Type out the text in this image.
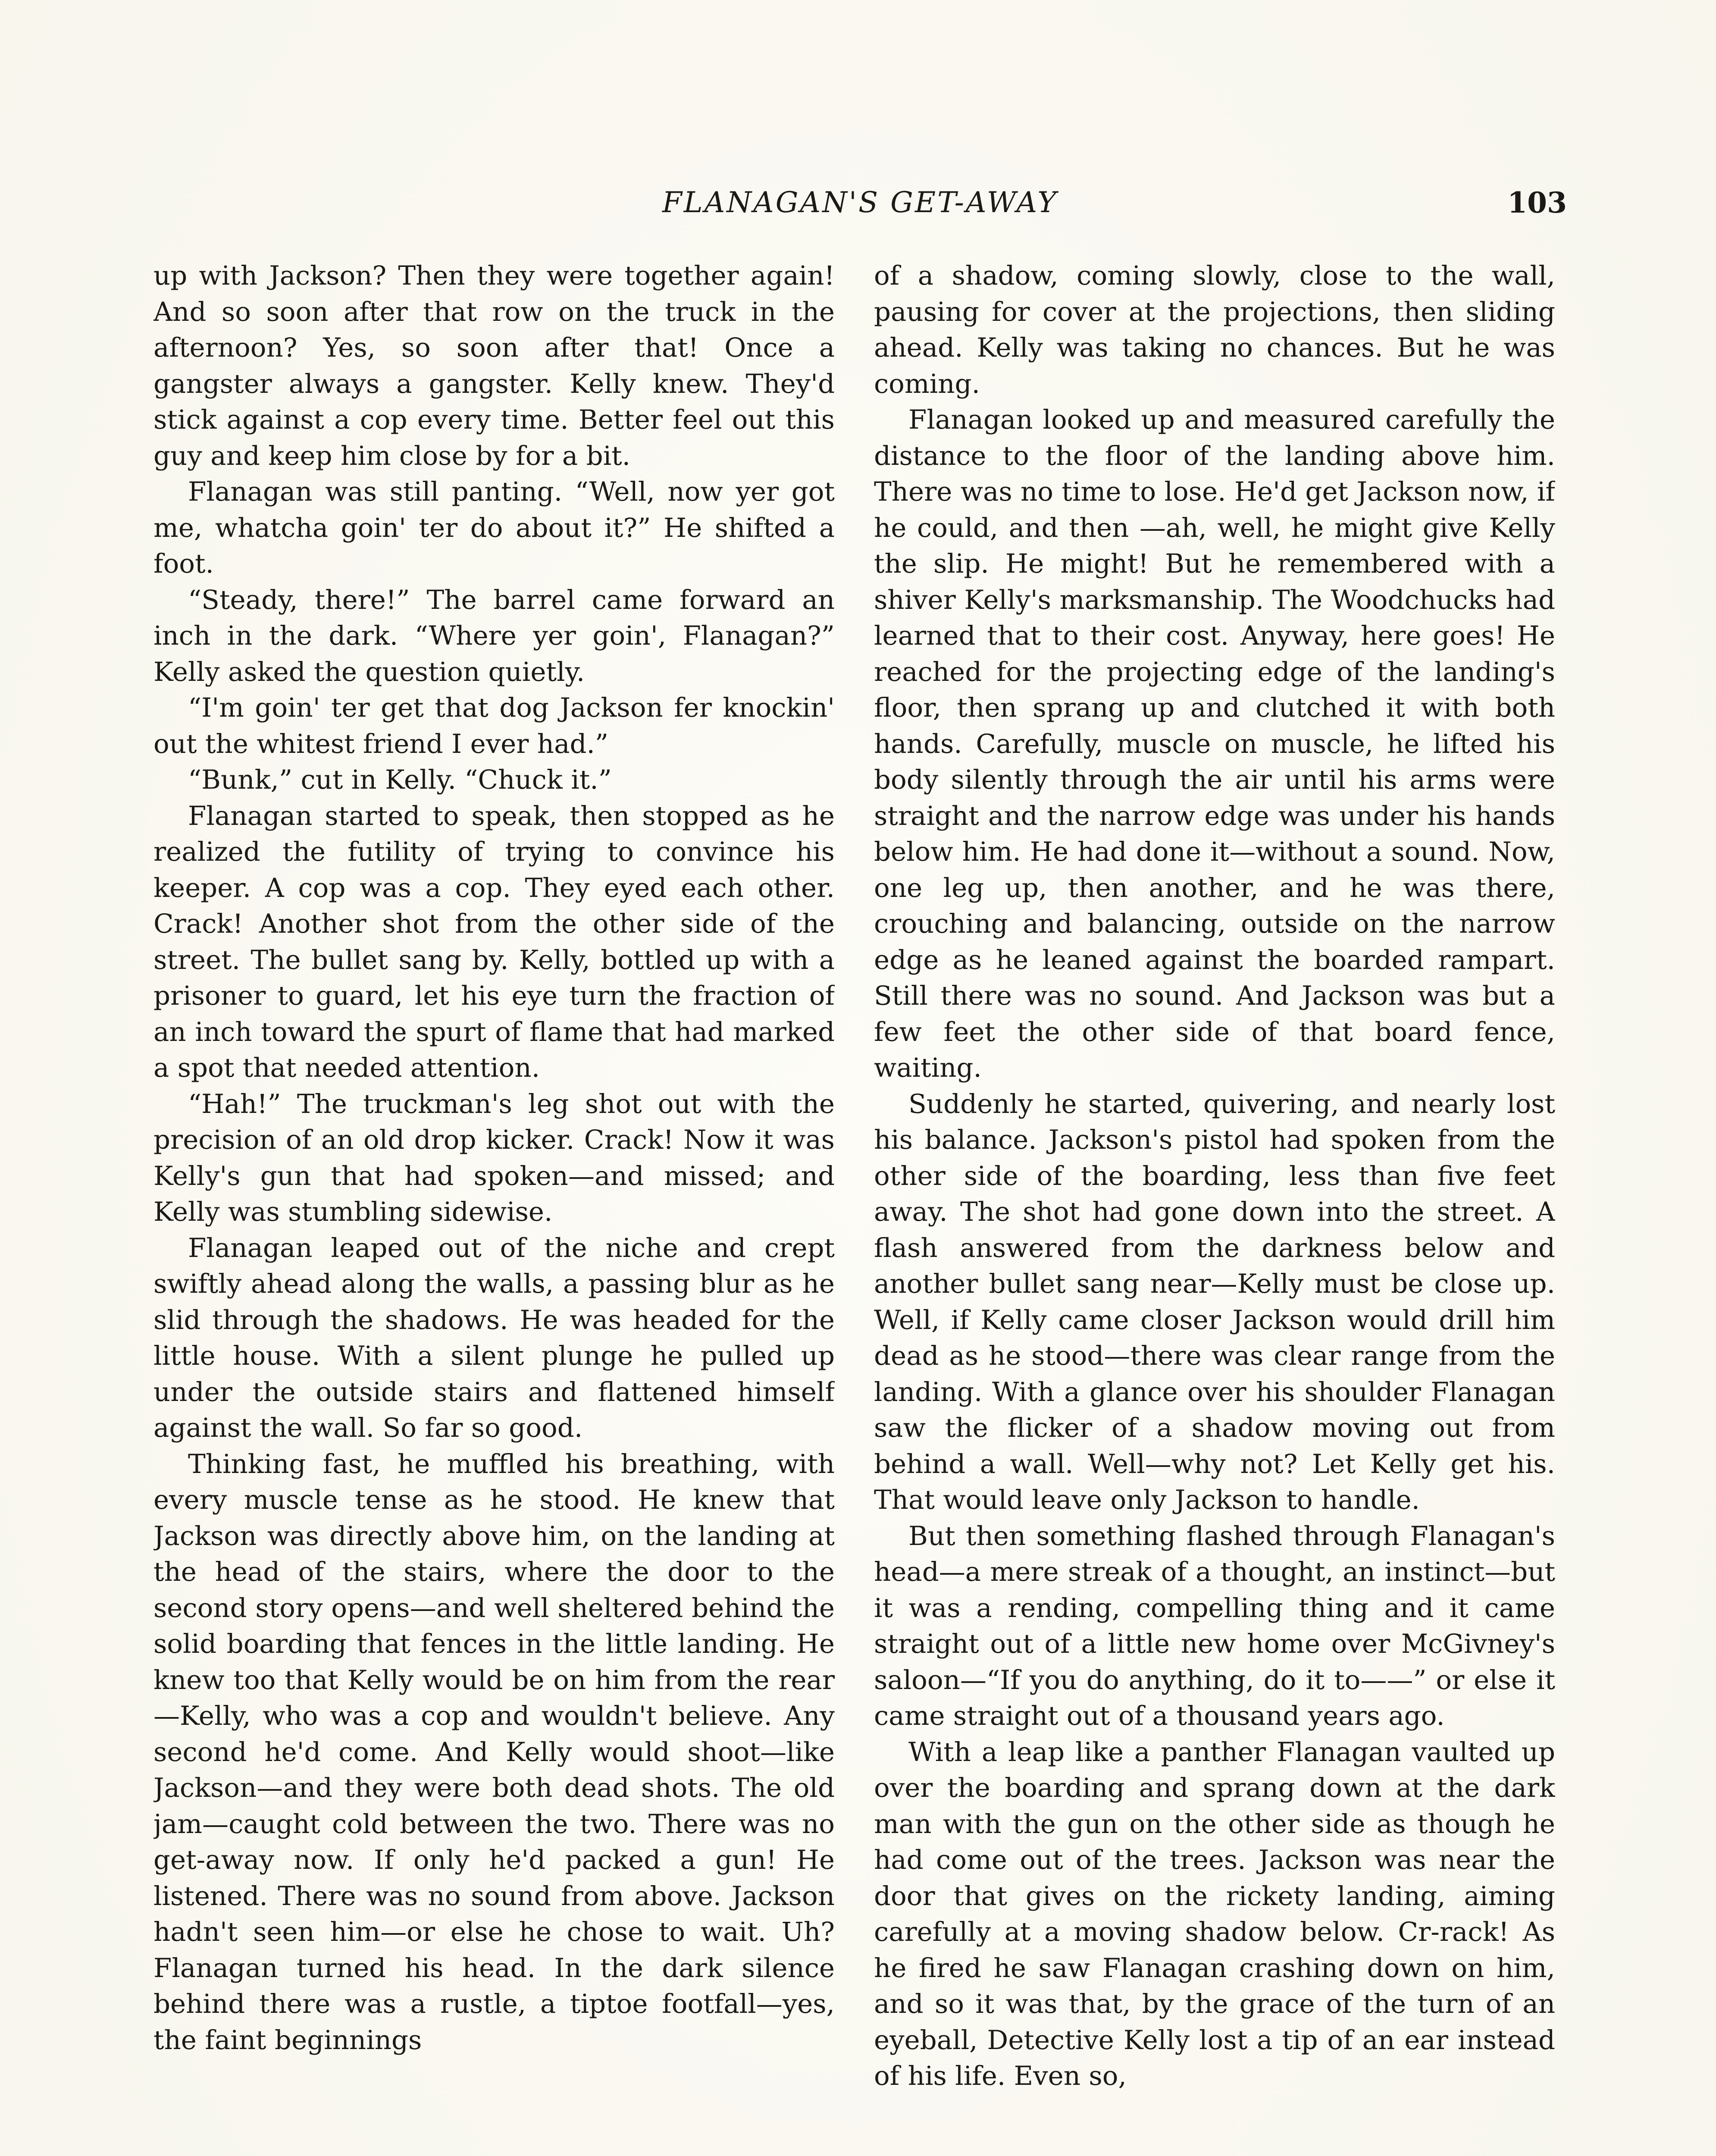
FLANAGAN'S GET-AWAY	103

up with Jackson? Then they were together again! And so soon after that row on the truck in the afternoon? Yes, so soon after that! Once a gangster always a gangster. Kelly knew. They'd stick against a cop every time. Better feel out this guy and keep him close by for a bit.

Flanagan was still panting. “Well, now yer got me, whatcha goin' ter do about it?” He shifted a foot.

“Steady, there!” The barrel came forward an inch in the dark. “Where yer goin', Flanagan?” Kelly asked the question quietly.

“I'm goin' ter get that dog Jackson fer knockin' out the whitest friend I ever had.”

“Bunk,” cut in Kelly. “Chuck it.”

Flanagan started to speak, then stopped as he realized the futility of trying to convince his keeper. A cop was a cop. They eyed each other. Crack! Another shot from the other side of the street. The bullet sang by. Kelly, bottled up with a prisoner to guard, let his eye turn the fraction of an inch toward the spurt of flame that had marked a spot that needed attention.

“Hah!” The truckman's leg shot out with the precision of an old drop kicker. Crack! Now it was Kelly's gun that had spoken—and missed; and Kelly was stumbling sidewise.

Flanagan leaped out of the niche and crept swiftly ahead along the walls, a passing blur as he slid through the shadows. He was headed for the little house. With a silent plunge he pulled up under the outside stairs and flattened himself against the wall. So far so good.

Thinking fast, he muffled his breathing, with every muscle tense as he stood. He knew that Jackson was directly above him, on the landing at the head of the stairs, where the door to the second story opens—and well sheltered behind the solid boarding that fences in the little landing. He knew too that Kelly would be on him from the rear—Kelly, who was a cop and wouldn't believe. Any second he'd come. And Kelly would shoot—like Jackson—and they were both dead shots. The old jam—caught cold between the two. There was no get-away now. If only he'd packed a gun! He listened. There was no sound from above. Jackson hadn't seen him—or else he chose to wait. Uh? Flanagan turned his head. In the dark silence behind there was a rustle, a tiptoe footfall—yes, the faint beginnings

of a shadow, coming slowly, close to the wall, pausing for cover at the projections, then sliding ahead. Kelly was taking no chances. But he was coming.

Flanagan looked up and measured carefully the distance to the floor of the landing above him. There was no time to lose. He'd get Jackson now, if he could, and then —ah, well, he might give Kelly the slip. He might! But he remembered with a shiver Kelly's marksmanship. The Woodchucks had learned that to their cost. Anyway, here goes! He reached for the projecting edge of the landing's floor, then sprang up and clutched it with both hands. Carefully, muscle on muscle, he lifted his body silently through the air until his arms were straight and the narrow edge was under his hands below him. He had done it—without a sound. Now, one leg up, then another, and he was there, crouching and balancing, outside on the narrow edge as he leaned against the boarded rampart. Still there was no sound. And Jackson was but a few feet the other side of that board fence, waiting.

Suddenly he started, quivering, and nearly lost his balance. Jackson's pistol had spoken from the other side of the boarding, less than five feet away. The shot had gone down into the street. A flash answered from the darkness below and another bullet sang near—Kelly must be close up. Well, if Kelly came closer Jackson would drill him dead as he stood—there was clear range from the landing. With a glance over his shoulder Flanagan saw the flicker of a shadow moving out from behind a wall. Well—why not? Let Kelly get his. That would leave only Jackson to handle.

But then something flashed through Flanagan's head—a mere streak of a thought, an instinct—but it was a rending, compelling thing and it came straight out of a little new home over McGivney's saloon—“If you do anything, do it to——” or else it came straight out of a thousand years ago.

With a leap like a panther Flanagan vaulted up over the boarding and sprang down at the dark man with the gun on the other side as though he had come out of the trees. Jackson was near the door that gives on the rickety landing, aiming carefully at a moving shadow below. Cr-rack! As he fired he saw Flanagan crashing down on him, and so it was that, by the grace of the turn of an eyeball, Detective Kelly lost a tip of an ear instead of his life. Even so,
